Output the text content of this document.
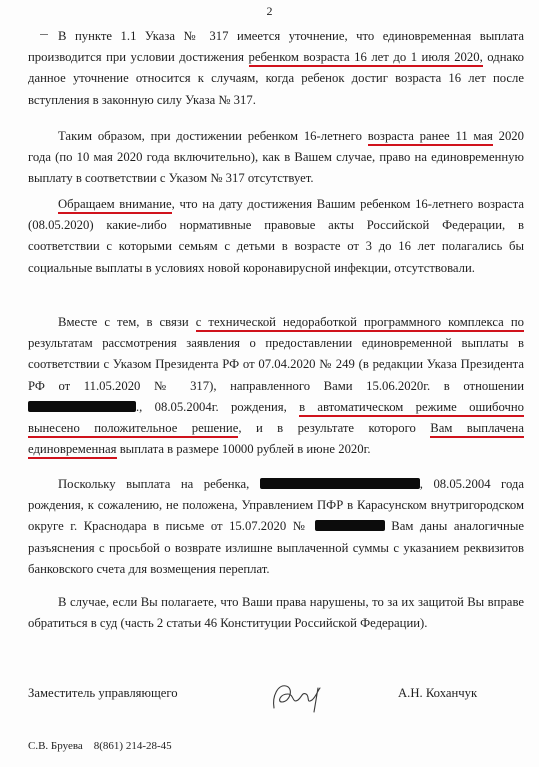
2

В пункте 1.1 Указа № 317 имеется уточнение, что единовременная выплата производится при условии достижения ребенком возраста 16 лет до 1 июля 2020, однако данное уточнение относится к случаям, когда ребенок достиг возраста 16 лет после вступления в законную силу Указа № 317.

Таким образом, при достижении ребенком 16-летнего возраста ранее 11 мая 2020 года (по 10 мая 2020 года включительно), как в Вашем случае, право на единовременную выплату в соответствии с Указом № 317 отсутствует.

Обращаем внимание, что на дату достижения Вашим ребенком 16-летнего возраста (08.05.2020) какие-либо нормативные правовые акты Российской Федерации, в соответствии с которыми семьям с детьми в возрасте от 3 до 16 лет полагались бы социальные выплаты в условиях новой коронавирусной инфекции, отсутствовали.

Вместе с тем, в связи с технической недоработкой программного комплекса по результатам рассмотрения заявления о предоставлении единовременной выплаты в соответствии с Указом Президента РФ от 07.04.2020 № 249 (в редакции Указа Президента РФ от 11.05.2020 № 317), направленного Вами 15.06.2020г. в отношении ., 08.05.2004г. рождения, в автоматическом режиме ошибочно вынесено положительное решение, и в результате которого Вам выплачена единовременная выплата в размере 10000 рублей в июне 2020г.

Поскольку выплата на ребенка,	, 08.05.2004 года рождения, к сожалению, не положена, Управлением ПФР в Карасунском внутригородском округе г. Краснодара в письме от 15.07.2020 №	Вам даны аналогичные разъяснения с просьбой о возврате излишне выплаченной суммы с указанием реквизитов банковского счета для возмещения переплат.

В случае, если Вы полагаете, что Ваши права нарушены, то за их защитой Вы вправе обратиться в суд (часть 2 статьи 46 Конституции Российской Федерации).

Заместитель управляющего	А.Н. Коханчук
С.В. Бруева 8(861) 214-28-45
